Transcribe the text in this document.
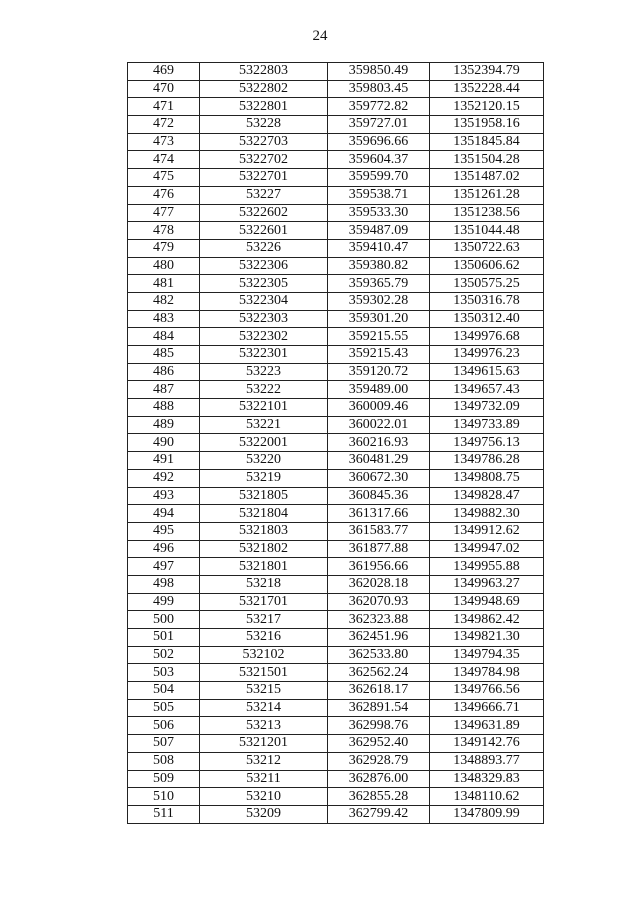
24
469	5322803	359850.49	1352394.79
470	5322802	359803.45	1352228.44
471	5322801	359772.82	1352120.15
472	53228	359727.01	1351958.16
473	5322703	359696.66	1351845.84
474	5322702	359604.37	1351504.28
475	5322701	359599.70	1351487.02
476	53227	359538.71	1351261.28
477	5322602	359533.30	1351238.56
478	5322601	359487.09	1351044.48
479	53226	359410.47	1350722.63
480	5322306	359380.82	1350606.62
481	5322305	359365.79	1350575.25
482	5322304	359302.28	1350316.78
483	5322303	359301.20	1350312.40
484	5322302	359215.55	1349976.68
485	5322301	359215.43	1349976.23
486	53223	359120.72	1349615.63
487	53222	359489.00	1349657.43
488	5322101	360009.46	1349732.09
489	53221	360022.01	1349733.89
490	5322001	360216.93	1349756.13
491	53220	360481.29	1349786.28
492	53219	360672.30	1349808.75
493	5321805	360845.36	1349828.47
494	5321804	361317.66	1349882.30
495	5321803	361583.77	1349912.62
496	5321802	361877.88	1349947.02
497	5321801	361956.66	1349955.88
498	53218	362028.18	1349963.27
499	5321701	362070.93	1349948.69
500	53217	362323.88	1349862.42
501	53216	362451.96	1349821.30
502	532102	362533.80	1349794.35
503	5321501	362562.24	1349784.98
504	53215	362618.17	1349766.56
505	53214	362891.54	1349666.71
506	53213	362998.76	1349631.89
507	5321201	362952.40	1349142.76
508	53212	362928.79	1348893.77
509	53211	362876.00	1348329.83
510	53210	362855.28	1348110.62
511	53209	362799.42	1347809.99
